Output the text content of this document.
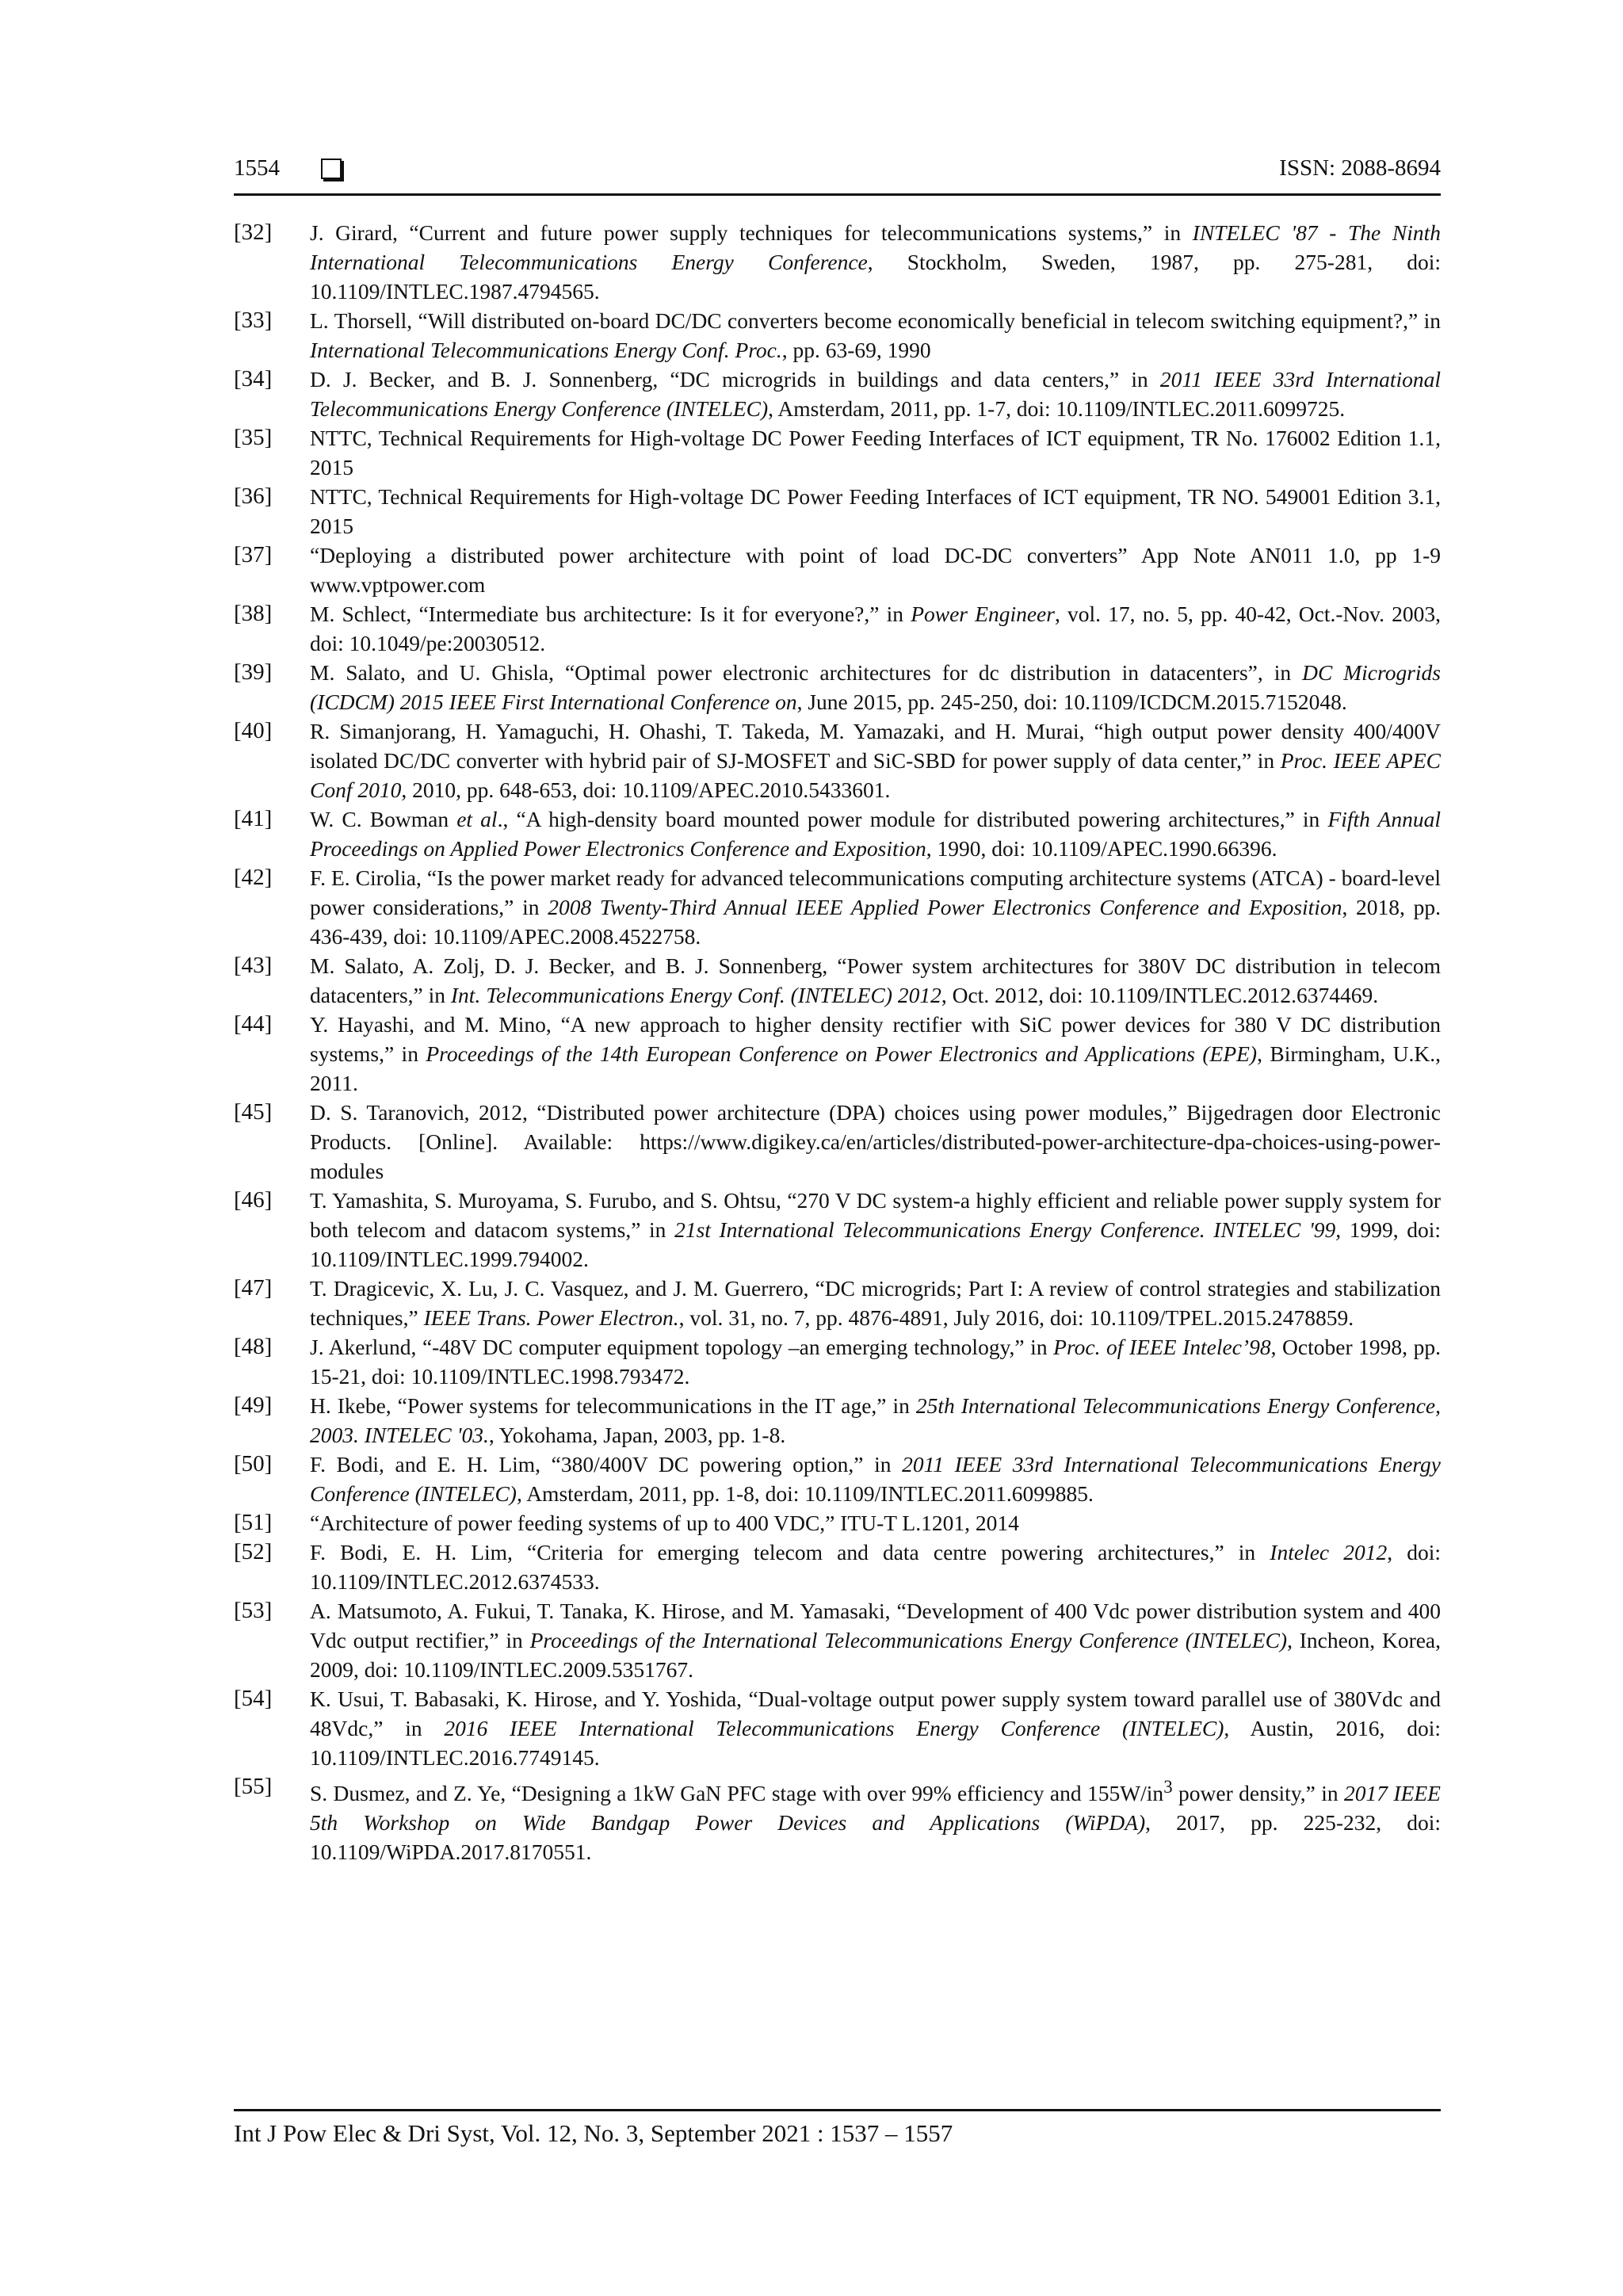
1554	ISSN: 2088-8694
[32]	J. Girard, “Current and future power supply techniques for telecommunications systems,” in INTELEC '87 - The Ninth International Telecommunications Energy Conference, Stockholm, Sweden, 1987, pp. 275-281, doi: 10.1109/INTLEC.1987.4794565.
[33]	L. Thorsell, “Will distributed on-board DC/DC converters become economically beneficial in telecom switching equipment?,” in International Telecommunications Energy Conf. Proc., pp. 63-69, 1990
[34]	D. J. Becker, and B. J. Sonnenberg, “DC microgrids in buildings and data centers,” in 2011 IEEE 33rd International Telecommunications Energy Conference (INTELEC), Amsterdam, 2011, pp. 1-7, doi: 10.1109/INTLEC.2011.6099725.
[35]	NTTC, Technical Requirements for High-voltage DC Power Feeding Interfaces of ICT equipment, TR No. 176002 Edition 1.1, 2015
[36]	NTTC, Technical Requirements for High-voltage DC Power Feeding Interfaces of ICT equipment, TR NO. 549001 Edition 3.1, 2015
[37]	“Deploying a distributed power architecture with point of load DC-DC converters” App Note AN011 1.0, pp 1-9 www.vptpower.com
[38]	M. Schlect, “Intermediate bus architecture: Is it for everyone?,” in Power Engineer, vol. 17, no. 5, pp. 40-42, Oct.-Nov. 2003, doi: 10.1049/pe:20030512.
[39]	M. Salato, and U. Ghisla, “Optimal power electronic architectures for dc distribution in datacenters”, in DC Microgrids (ICDCM) 2015 IEEE First International Conference on, June 2015, pp. 245-250, doi: 10.1109/ICDCM.2015.7152048.
[40]	R. Simanjorang, H. Yamaguchi, H. Ohashi, T. Takeda, M. Yamazaki, and H. Murai, “high output power density 400/400V isolated DC/DC converter with hybrid pair of SJ-MOSFET and SiC-SBD for power supply of data center,” in Proc. IEEE APEC Conf 2010, 2010, pp. 648-653, doi: 10.1109/APEC.2010.5433601.
[41]	W. C. Bowman et al., “A high-density board mounted power module for distributed powering architectures,” in Fifth Annual Proceedings on Applied Power Electronics Conference and Exposition, 1990, doi: 10.1109/APEC.1990.66396.
[42]	F. E. Cirolia, “Is the power market ready for advanced telecommunications computing architecture systems (ATCA) - board-level power considerations,” in 2008 Twenty-Third Annual IEEE Applied Power Electronics Conference and Exposition, 2018, pp. 436-439, doi: 10.1109/APEC.2008.4522758.
[43]	M. Salato, A. Zolj, D. J. Becker, and B. J. Sonnenberg, “Power system architectures for 380V DC distribution in telecom datacenters,” in Int. Telecommunications Energy Conf. (INTELEC) 2012, Oct. 2012, doi: 10.1109/INTLEC.2012.6374469.
[44]	Y. Hayashi, and M. Mino, “A new approach to higher density rectifier with SiC power devices for 380 V DC distribution systems,” in Proceedings of the 14th European Conference on Power Electronics and Applications (EPE), Birmingham, U.K., 2011.
[45]	D. S. Taranovich, 2012, “Distributed power architecture (DPA) choices using power modules,” Bijgedragen door Electronic Products. [Online]. Available: https://www.digikey.ca/en/articles/distributed-power-architecture-dpa-choices-using-power-modules
[46]	T. Yamashita, S. Muroyama, S. Furubo, and S. Ohtsu, “270 V DC system-a highly efficient and reliable power supply system for both telecom and datacom systems,” in 21st International Telecommunications Energy Conference. INTELEC '99, 1999, doi: 10.1109/INTLEC.1999.794002.
[47]	T. Dragicevic, X. Lu, J. C. Vasquez, and J. M. Guerrero, “DC microgrids; Part I: A review of control strategies and stabilization techniques,” IEEE Trans. Power Electron., vol. 31, no. 7, pp. 4876-4891, July 2016, doi: 10.1109/TPEL.2015.2478859.
[48]	J. Akerlund, “-48V DC computer equipment topology –an emerging technology,” in Proc. of IEEE Intelec’98, October 1998, pp. 15-21, doi: 10.1109/INTLEC.1998.793472.
[49]	H. Ikebe, “Power systems for telecommunications in the IT age,” in 25th International Telecommunications Energy Conference, 2003. INTELEC '03., Yokohama, Japan, 2003, pp. 1-8.
[50]	F. Bodi, and E. H. Lim, “380/400V DC powering option,” in 2011 IEEE 33rd International Telecommunications Energy Conference (INTELEC), Amsterdam, 2011, pp. 1-8, doi: 10.1109/INTLEC.2011.6099885.
[51]	“Architecture of power feeding systems of up to 400 VDC,” ITU-T L.1201, 2014
[52]	F. Bodi, E. H. Lim, “Criteria for emerging telecom and data centre powering architectures,” in Intelec 2012, doi: 10.1109/INTLEC.2012.6374533.
[53]	A. Matsumoto, A. Fukui, T. Tanaka, K. Hirose, and M. Yamasaki, “Development of 400 Vdc power distribution system and 400 Vdc output rectifier,” in Proceedings of the International Telecommunications Energy Conference (INTELEC), Incheon, Korea, 2009, doi: 10.1109/INTLEC.2009.5351767.
[54]	K. Usui, T. Babasaki, K. Hirose, and Y. Yoshida, “Dual-voltage output power supply system toward parallel use of 380Vdc and 48Vdc,” in 2016 IEEE International Telecommunications Energy Conference (INTELEC), Austin, 2016, doi: 10.1109/INTLEC.2016.7749145.
[55]	S. Dusmez, and Z. Ye, “Designing a 1kW GaN PFC stage with over 99% efficiency and $155W/in^3$ power density,” in 2017 IEEE 5th Workshop on Wide Bandgap Power Devices and Applications (WiPDA), 2017, pp. 225-232, doi: 10.1109/WiPDA.2017.8170551.
Int J Pow Elec & Dri Syst, Vol. 12, No. 3, September 2021 : 1537 – 1557
